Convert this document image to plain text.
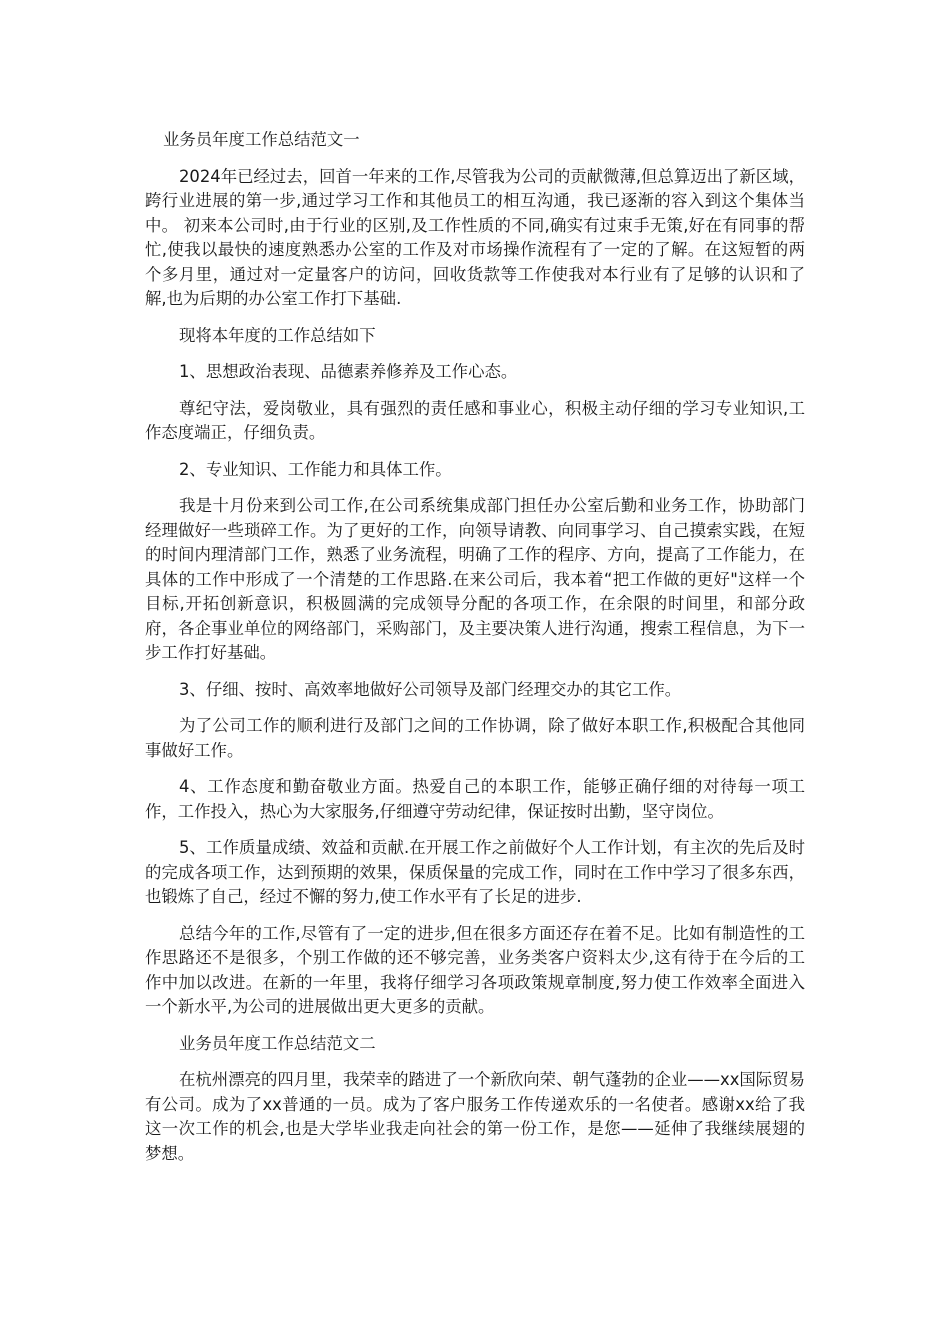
业务员年度工作总结范文一

2024年已经过去，回首一年来的工作,尽管我为公司的贡献微薄,但总算迈出了新区域，跨行业进展的第一步,通过学习工作和其他员工的相互沟通，我已逐渐的容入到这个集体当中。 初来本公司时,由于行业的区别,及工作性质的不同,确实有过束手无策,好在有同事的帮忙,使我以最快的速度熟悉办公室的工作及对市场操作流程有了一定的了解。在这短暂的两个多月里，通过对一定量客户的访问，回收货款等工作使我对本行业有了足够的认识和了解,也为后期的办公室工作打下基础.

现将本年度的工作总结如下

1、思想政治表现、品德素养修养及工作心态。

尊纪守法，爱岗敬业，具有强烈的责任感和事业心，积极主动仔细的学习专业知识,工作态度端正，仔细负责。

2、专业知识、工作能力和具体工作。

我是十月份来到公司工作,在公司系统集成部门担任办公室后勤和业务工作，协助部门经理做好一些琐碎工作。为了更好的工作，向领导请教、向同事学习、自己摸索实践，在短的时间内理清部门工作，熟悉了业务流程，明确了工作的程序、方向，提高了工作能力，在具体的工作中形成了一个清楚的工作思路.在来公司后，我本着“把工作做的更好"这样一个目标,开拓创新意识，积极圆满的完成领导分配的各项工作，在余限的时间里，和部分政府，各企事业单位的网络部门，采购部门，及主要决策人进行沟通，搜索工程信息，为下一步工作打好基础。

3、仔细、按时、高效率地做好公司领导及部门经理交办的其它工作。

为了公司工作的顺利进行及部门之间的工作协调，除了做好本职工作,积极配合其他同事做好工作。

4、工作态度和勤奋敬业方面。热爱自己的本职工作，能够正确仔细的对待每一项工作，工作投入，热心为大家服务,仔细遵守劳动纪律，保证按时出勤，坚守岗位。

5、工作质量成绩、效益和贡献.在开展工作之前做好个人工作计划，有主次的先后及时的完成各项工作，达到预期的效果，保质保量的完成工作，同时在工作中学习了很多东西，也锻炼了自己，经过不懈的努力,使工作水平有了长足的进步.

总结今年的工作,尽管有了一定的进步,但在很多方面还存在着不足。比如有制造性的工作思路还不是很多，个别工作做的还不够完善，业务类客户资料太少,这有待于在今后的工作中加以改进。在新的一年里，我将仔细学习各项政策规章制度,努力使工作效率全面进入一个新水平,为公司的进展做出更大更多的贡献。

业务员年度工作总结范文二

在杭州漂亮的四月里，我荣幸的踏进了一个新欣向荣、朝气蓬勃的企业——xx国际贸易有公司。成为了xx普通的一员。成为了客户服务工作传递欢乐的一名使者。感谢xx给了我这一次工作的机会,也是大学毕业我走向社会的第一份工作，是您——延伸了我继续展翅的梦想。
